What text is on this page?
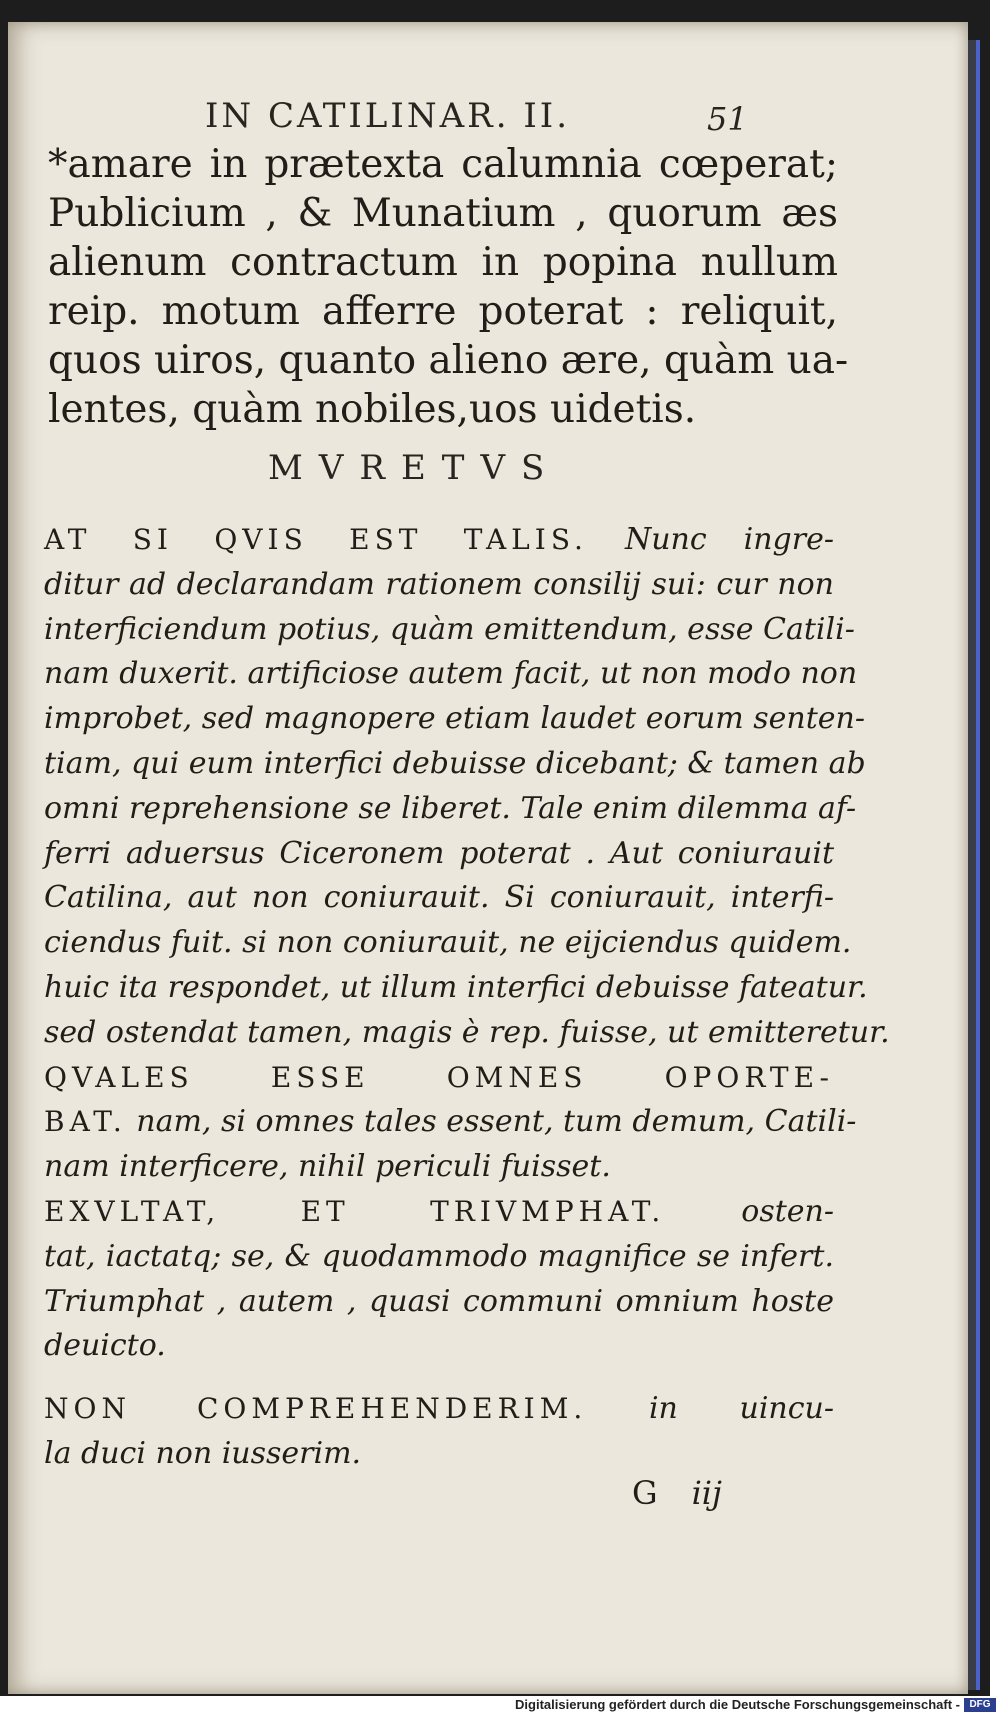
IN CATILINAR. II.	51
*amare in prætexta calumnia cœperat;
Publicium , & Munatium , quorum æs
alienum contractum in popina nullum
reip. motum afferre poterat : reliquit,
quos uiros, quanto alieno ære, quàm ua-
lentes, quàm nobiles,uos uidetis.
MVRETVS
AT SI QVIS EST TALIS. Nunc ingre-
ditur ad declarandam rationem consilij sui: cur non
interficiendum potius, quàm emittendum, esse Catili-
nam duxerit. artificiose autem facit, ut non modo non
improbet, sed magnopere etiam laudet eorum senten-
tiam, qui eum interfici debuisse dicebant; & tamen ab
omni reprehensione se liberet. Tale enim dilemma af-
ferri aduersus Ciceronem poterat . Aut coniurauit
Catilina, aut non coniurauit. Si coniurauit, interfi-
ciendus fuit. si non coniurauit, ne eijciendus quidem.
huic ita respondet, ut illum interfici debuisse fateatur.
sed ostendat tamen, magis è rep. fuisse, ut emitteretur.
QVALES ESSE OMNES OPORTE-
BAT. nam, si omnes tales essent, tum demum, Catili-
nam interficere, nihil periculi fuisset.
EXVLTAT, ET TRIVMPHAT.	osten-
tat, iactatq; se, & quodammodo magnifice se infert.
Triumphat , autem , quasi communi omnium hoste
deuicto.
NON COMPREHENDERIM. in uincu-
la duci non iusserim.
G iij
Digitalisierung gefördert durch die Deutsche Forschungsgemeinschaft - DFG
